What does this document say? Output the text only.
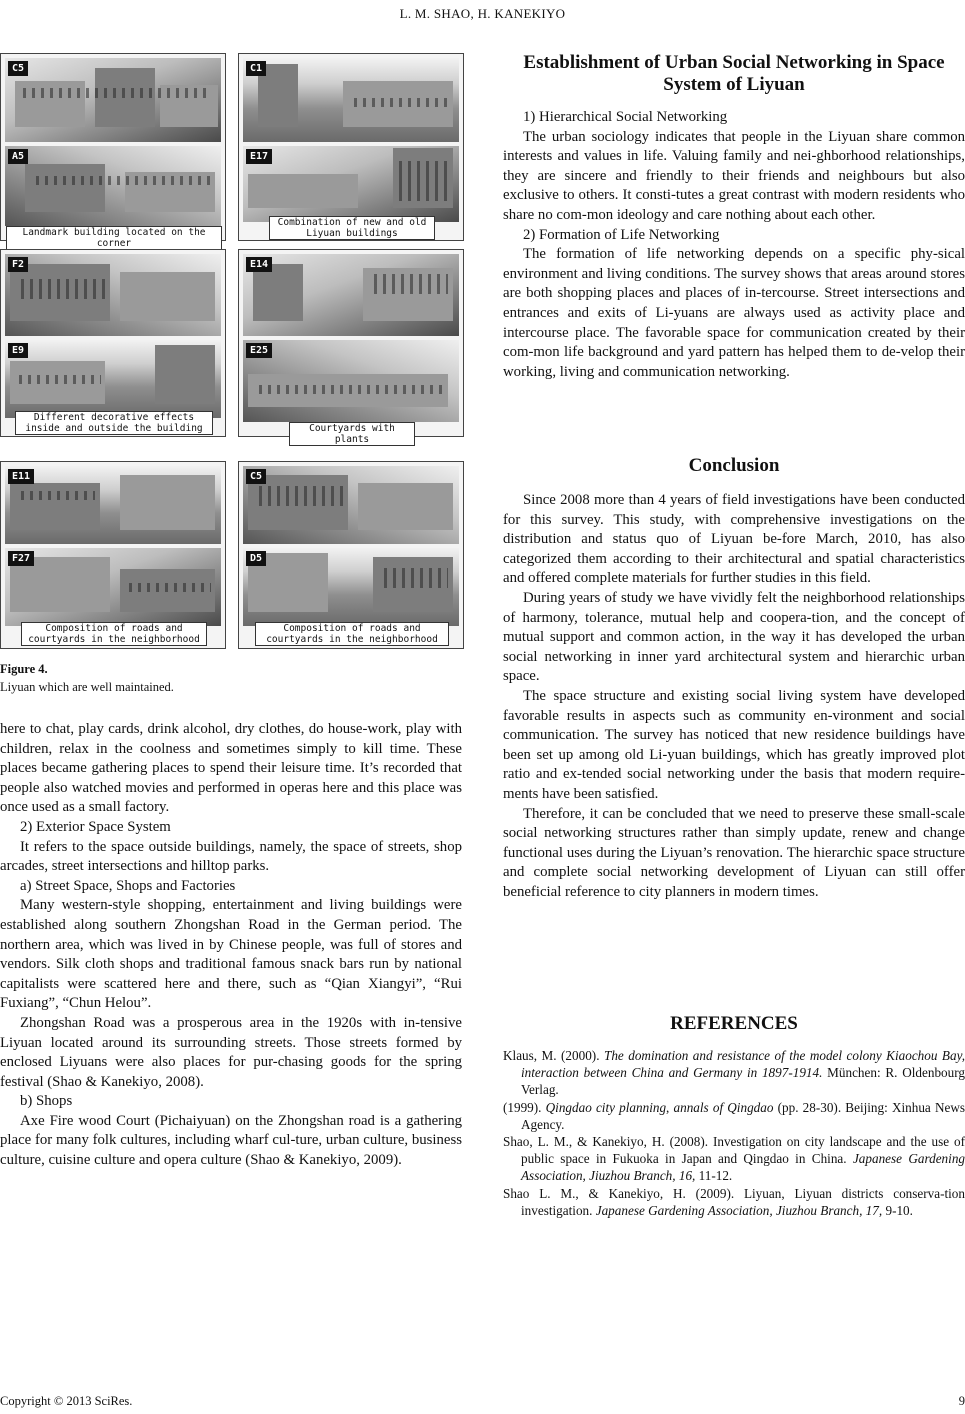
L. M. SHAO, H. KANEKIYO
C5
A5
Landmark building located on the corner
C1
E17
Combination of new and old Liyuan buildings
F2
E9
Different decorative effects inside and outside the building
E14
E25
Courtyards with plants
E11
F27
Composition of roads and courtyards in the neighborhood
C5
D5
Composition of roads and courtyards in the neighborhood
Figure 4.
Liyuan which are well maintained.

here to chat, play cards, drink alcohol, dry clothes, do house-work, play with children, relax in the coolness and sometimes simply to kill time. These places became gathering places to spend their leisure time. It’s recorded that people also watched movies and performed in operas here and this place was once used as a small factory.

2) Exterior Space System

It refers to the space outside buildings, namely, the space of streets, shop arcades, street intersections and hilltop parks.

a) Street Space, Shops and Factories

Many western-style shopping, entertainment and living buildings were established along southern Zhongshan Road in the German period. The northern area, which was lived in by Chinese people, was full of stores and vendors. Silk cloth shops and traditional famous snack bars run by national capitalists were scattered here and there, such as “Qian Xiangyi”, “Rui Fuxiang”, “Chun Helou”.

Zhongshan Road was a prosperous area in the 1920s with in-tensive Liyuan located around its surrounding streets. Those streets formed by enclosed Liyuans were also places for pur-chasing goods for the spring festival (Shao & Kanekiyo, 2008).

b) Shops

Axe Fire wood Court (Pichaiyuan) on the Zhongshan road is a gathering place for many folk cultures, including wharf cul-ture, urban culture, business culture, cuisine culture and opera culture (Shao & Kanekiyo, 2009).

Establishment of Urban Social Networking in Space System of Liyuan

1) Hierarchical Social Networking

The urban sociology indicates that people in the Liyuan share common interests and values in life. Valuing family and nei-ghborhood relationships, they are sincere and friendly to their friends and neighbours but also exclusive to others. It consti-tutes a great contrast with modern residents who share no com-mon ideology and care nothing about each other.

2) Formation of Life Networking

The formation of life networking depends on a specific phy-sical environment and living conditions. The survey shows that areas around stores are both shopping places and places of in-tercourse. Street intersections and entrances and exits of Li-yuans are always used as activity place and intercourse place. The favorable space for communication created by their com-mon life background and yard pattern has helped them to de-velop their working, living and communication networking.

Conclusion

Since 2008 more than 4 years of field investigations have been conducted for this survey. This study, with comprehensive investigations on the distribution and status quo of Liyuan be-fore March, 2010, has also categorized them according to their architectural and spatial characteristics and offered complete materials for further studies in this field.

During years of study we have vividly felt the neighborhood relationships of harmony, tolerance, mutual help and coopera-tion, and the concept of mutual support and common action, in the way it has developed the urban social networking in inner yard architectural system and hierarchic urban space.

The space structure and existing social living system have developed favorable results in aspects such as community en-vironment and social communication. The survey has noticed that new residence buildings have been set up among old Li-yuan buildings, which has greatly improved plot ratio and ex-tended social networking under the basis that modern require-ments have been satisfied.

Therefore, it can be concluded that we need to preserve these small-scale social networking structures rather than simply update, renew and change functional uses during the Liyuan’s renovation. The hierarchic space structure and complete social networking development of Liyuan can still offer beneficial reference to city planners in modern times.

REFERENCES

Klaus, M. (2000). The domination and resistance of the model colony Kiaochou Bay, interaction between China and Germany in 1897-1914. München: R. Oldenbourg Verlag.

(1999). Qingdao city planning, annals of Qingdao (pp. 28-30). Beijing: Xinhua News Agency.

Shao, L. M., & Kanekiyo, H. (2008). Investigation on city landscape and the use of public space in Fukuoka in Japan and Qingdao in China. Japanese Gardening Association, Jiuzhou Branch, 16, 11-12.

Shao L. M., & Kanekiyo, H. (2009). Liyuan, Liyuan districts conserva-tion investigation. Japanese Gardening Association, Jiuzhou Branch, 17, 9-10.

Copyright © 2013 SciRes.	9
